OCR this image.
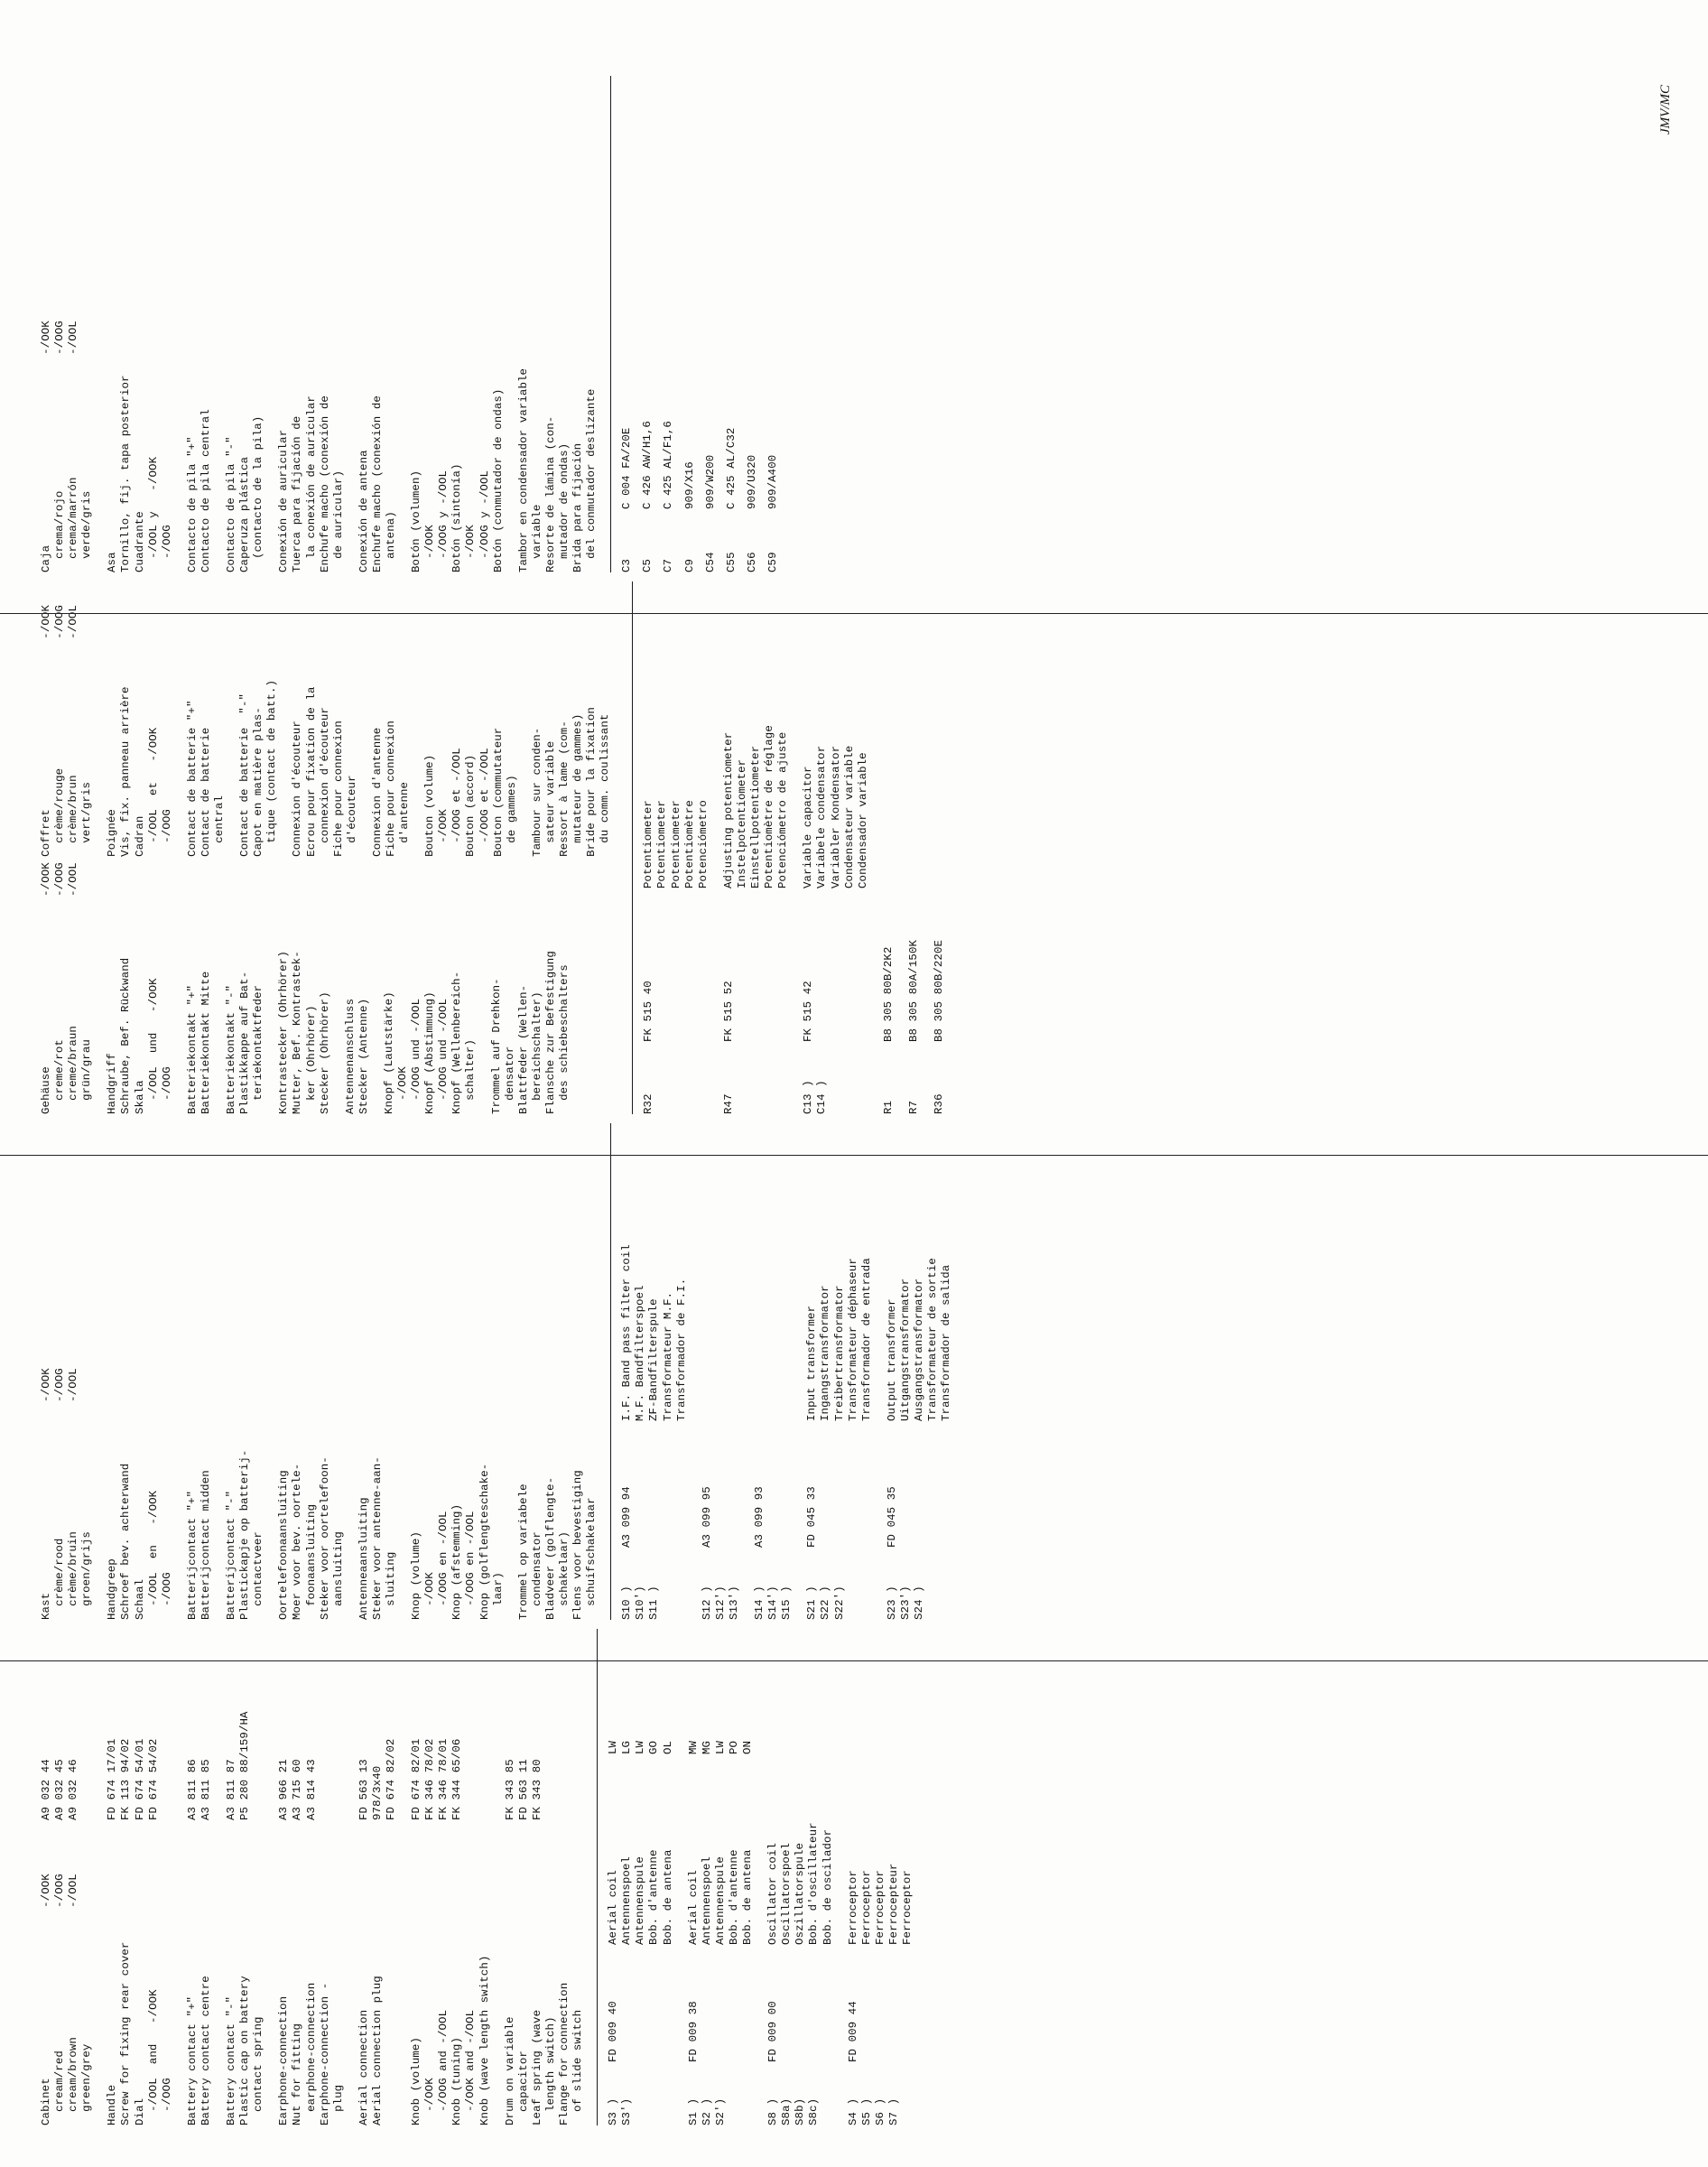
Cabinet                         -/OOK cream/red                     -/OOG cream/brown                   -/OOL green/grey
A9 032 44 A9 032 45 A9 032 46
Handle Screw for fixing rear cover Dial -/OOL  and   -/OOK -/OOG
FD 674 17/01 FK 113 94/02 FD 674 54/01 FD 674 54/02
Battery contact "+" Battery contact centre
A3 811 86 A3 811 85
Battery contact "-" Plastic cap on battery contact spring
A3 811 87 P5 280 88/159/HA
Earphone-connection Nut for fitting earphone-connection Earphone-connection - plug
A3 966 21 A3 715 60 A3 814 43
Aerial connection Aerial connection plug
FD 563 13 978/3x40 FD 674 82/02
Knob (volume) -/OOK -/OOG and -/OOL Knob (tuning) -/OOK and -/OOL Knob (wave length switch)
FD 674 82/01 FK 346 78/02 FK 346 78/01 FK 344 65/06
Drum on variable capacitor Leaf spring (wave length switch) Flange for connection of slide switch
FK 343 85 FD 563 11 FK 343 80
S3 ) S3')
FD 009 40
Aerial coil                 LW Antennenspoel               LG Antennenspule               LW Bob. d'antenne              GO Bob. de antena              OL
S1 ) S2 ) S2')
FD 009 38
Aerial coil                 MW Antennenspoel               MG Antennenspule               LW Bob. d'antenne              PO Bob. de antena              ON
S8 ) S8a) S8b) S8c)
FD 009 00
Oscillator coil Oscillatorspoel Oszillatorspule Bob. d'oscillateur Bob. de oscilador
S4 ) S5 ) S6 ) S7 )
FD 009 44
Ferroceptor Ferroceptor Ferroceptor Ferrocepteur Ferroceptor
Kast                            -/OOK crème/rood                    -/OOG crème/bruin                   -/OOL groen/grijs Handgreep Schroef bev. achterwand Schaal -/OOL  en   -/OOK -/OOG Batterijcontact "+" Batterijcontact midden Batterijcontact "-" Plastickapje op batterij- contactveer Oortelefoonaansluiting Moer voor bev. oortele- foonaansluiting Steker voor oortelefoon- aansluiting Antenneaansluiting Steker voor antenne-aan- sluiting Knop (volume) -/OOK -/OOG en -/OOL Knop (afstemming) -/OOG en -/OOL Knop (golflengteschake- laar) Trommel op variabele condensator Bladveer (golflengte- schakelaar) Flens voor bevestiging schuifschakelaar S10 ) S10') S11 )
A3 099 94
I.F. Band pass filter coil M.F. Bandfilterspoel ZF-Bandfilterspule Transformateur M.F. Transformador de F.I.
S12 ) S12') S13')
A3 099 95
S14 ) S14') S15 )
A3 099 93
S21 ) S22 ) S22')
FD 045 33
Input transformer Ingangstransformator Treibertransformator Transformateur déphaseur Transformador de entrada
S23 ) S23') S24 )
FD 045 35
Output transformer Uitgangstransformator Ausgangstransformator Transformateur de sortie Transformador de salida
Gehäuse                         -/OOK creme/rot                     -/OOG creme/braun                   -/OOL grün/grau Handgriff Schraube, Bef. Rückwand Skala -/OOL  und   -/OOK -/OOG Batteriekontakt "+" Batteriekontakt Mitte Batteriekontakt "-" Plastikkappe auf Bat- teriekontaktfeder Kontrastecker (Ohrhörer) Mutter, Bef. Kontrastek- ker (Ohrhörer) Stecker (Ohrhörer) Antennenanschluss Stecker (Antenne) Knopf (Lautstärke) -/OOK -/OOG und -/OOL Knopf (Abstimmung) -/OOG und -/OOL Knopf (Wellenbereich- schalter) Trommel auf Drehkon- densator Blattfeder (Wellen- bereichschalter) Flansche zur Befestigung des schiebeschalters
Coffret                         -/OOK crème/rouge                   -/OOG crème/brun                    -/OOL vert/gris Poignée Vis, fix. panneau arrière Cadran -/OOL  et   -/OOK -/OOG Contact de batterie "+" Contact de batterie central Contact de batterie  "-" Capot en matière plas- tique (contact de batt.) Connexion d'écouteur Ecrou pour fixation de la connexion d'écouteur Fiche pour connexion d'écouteur Connexion d'antenne Fiche pour connexion d'antenne Bouton (volume) -/OOK -/OOG et -/OOL Bouton (accord) -/OOG et -/OOL Bouton (commutateur de gammes) Tambour sur conden- sateur variable Ressort à lame (com- mutateur de gammes) Bride pour la fixation du comm. coulissant
R32
FK 515 40
Potentiometer Potentiometer Potentiometer Potentiomètre Potenciómetro
R47
FK 515 52
Adjusting potentiometer Instelpotentiometer Einstellpotentiometer Potentiomètre de réglage Potenciómetro de ajuste
C13 ) C14 )
FK 515 42
Variable capacitor Variabele condensator Variabler Kondensator Condensateur variable Condensador variable
R1
B8 305 80B/2K2
R7
B8 305 80A/150K
R36
B8 305 80B/220E
Caja                            -/OOK crema/rojo                    -/OOG crema/marrón                  -/OOL verde/gris Asa Tornillo, fij. tapa posterior Cuadrante -/OOL y   -/OOK -/OOG Contacto de pila "+" Contacto de pila central Contacto de pila "-" Caperuza plástica (contacto de la pila) Conexión de auricular Tuerca para fijación de la conexión de auricular Enchufe macho (conexión de de auricular) Conexión de antena Enchufe macho (conexión de antena) Botón (volumen) -/OOK -/OOG y -/OOL Botón (sintonía) -/OOK -/OOG y -/OOL Botón (conmutador de ondas) Tambor en condensador variable variable Resorte de lámina (con- mutador de ondas) Brida para fijación del conmutador deslizante C3
C 004 FA/20E
C5
C 426 AW/H1,6
C7
C 425 AL/F1,6
C9
909/X16
C54
909/W200
C55
C 425 AL/C32
C56
909/U320
C59
909/A400
JMV/MC
